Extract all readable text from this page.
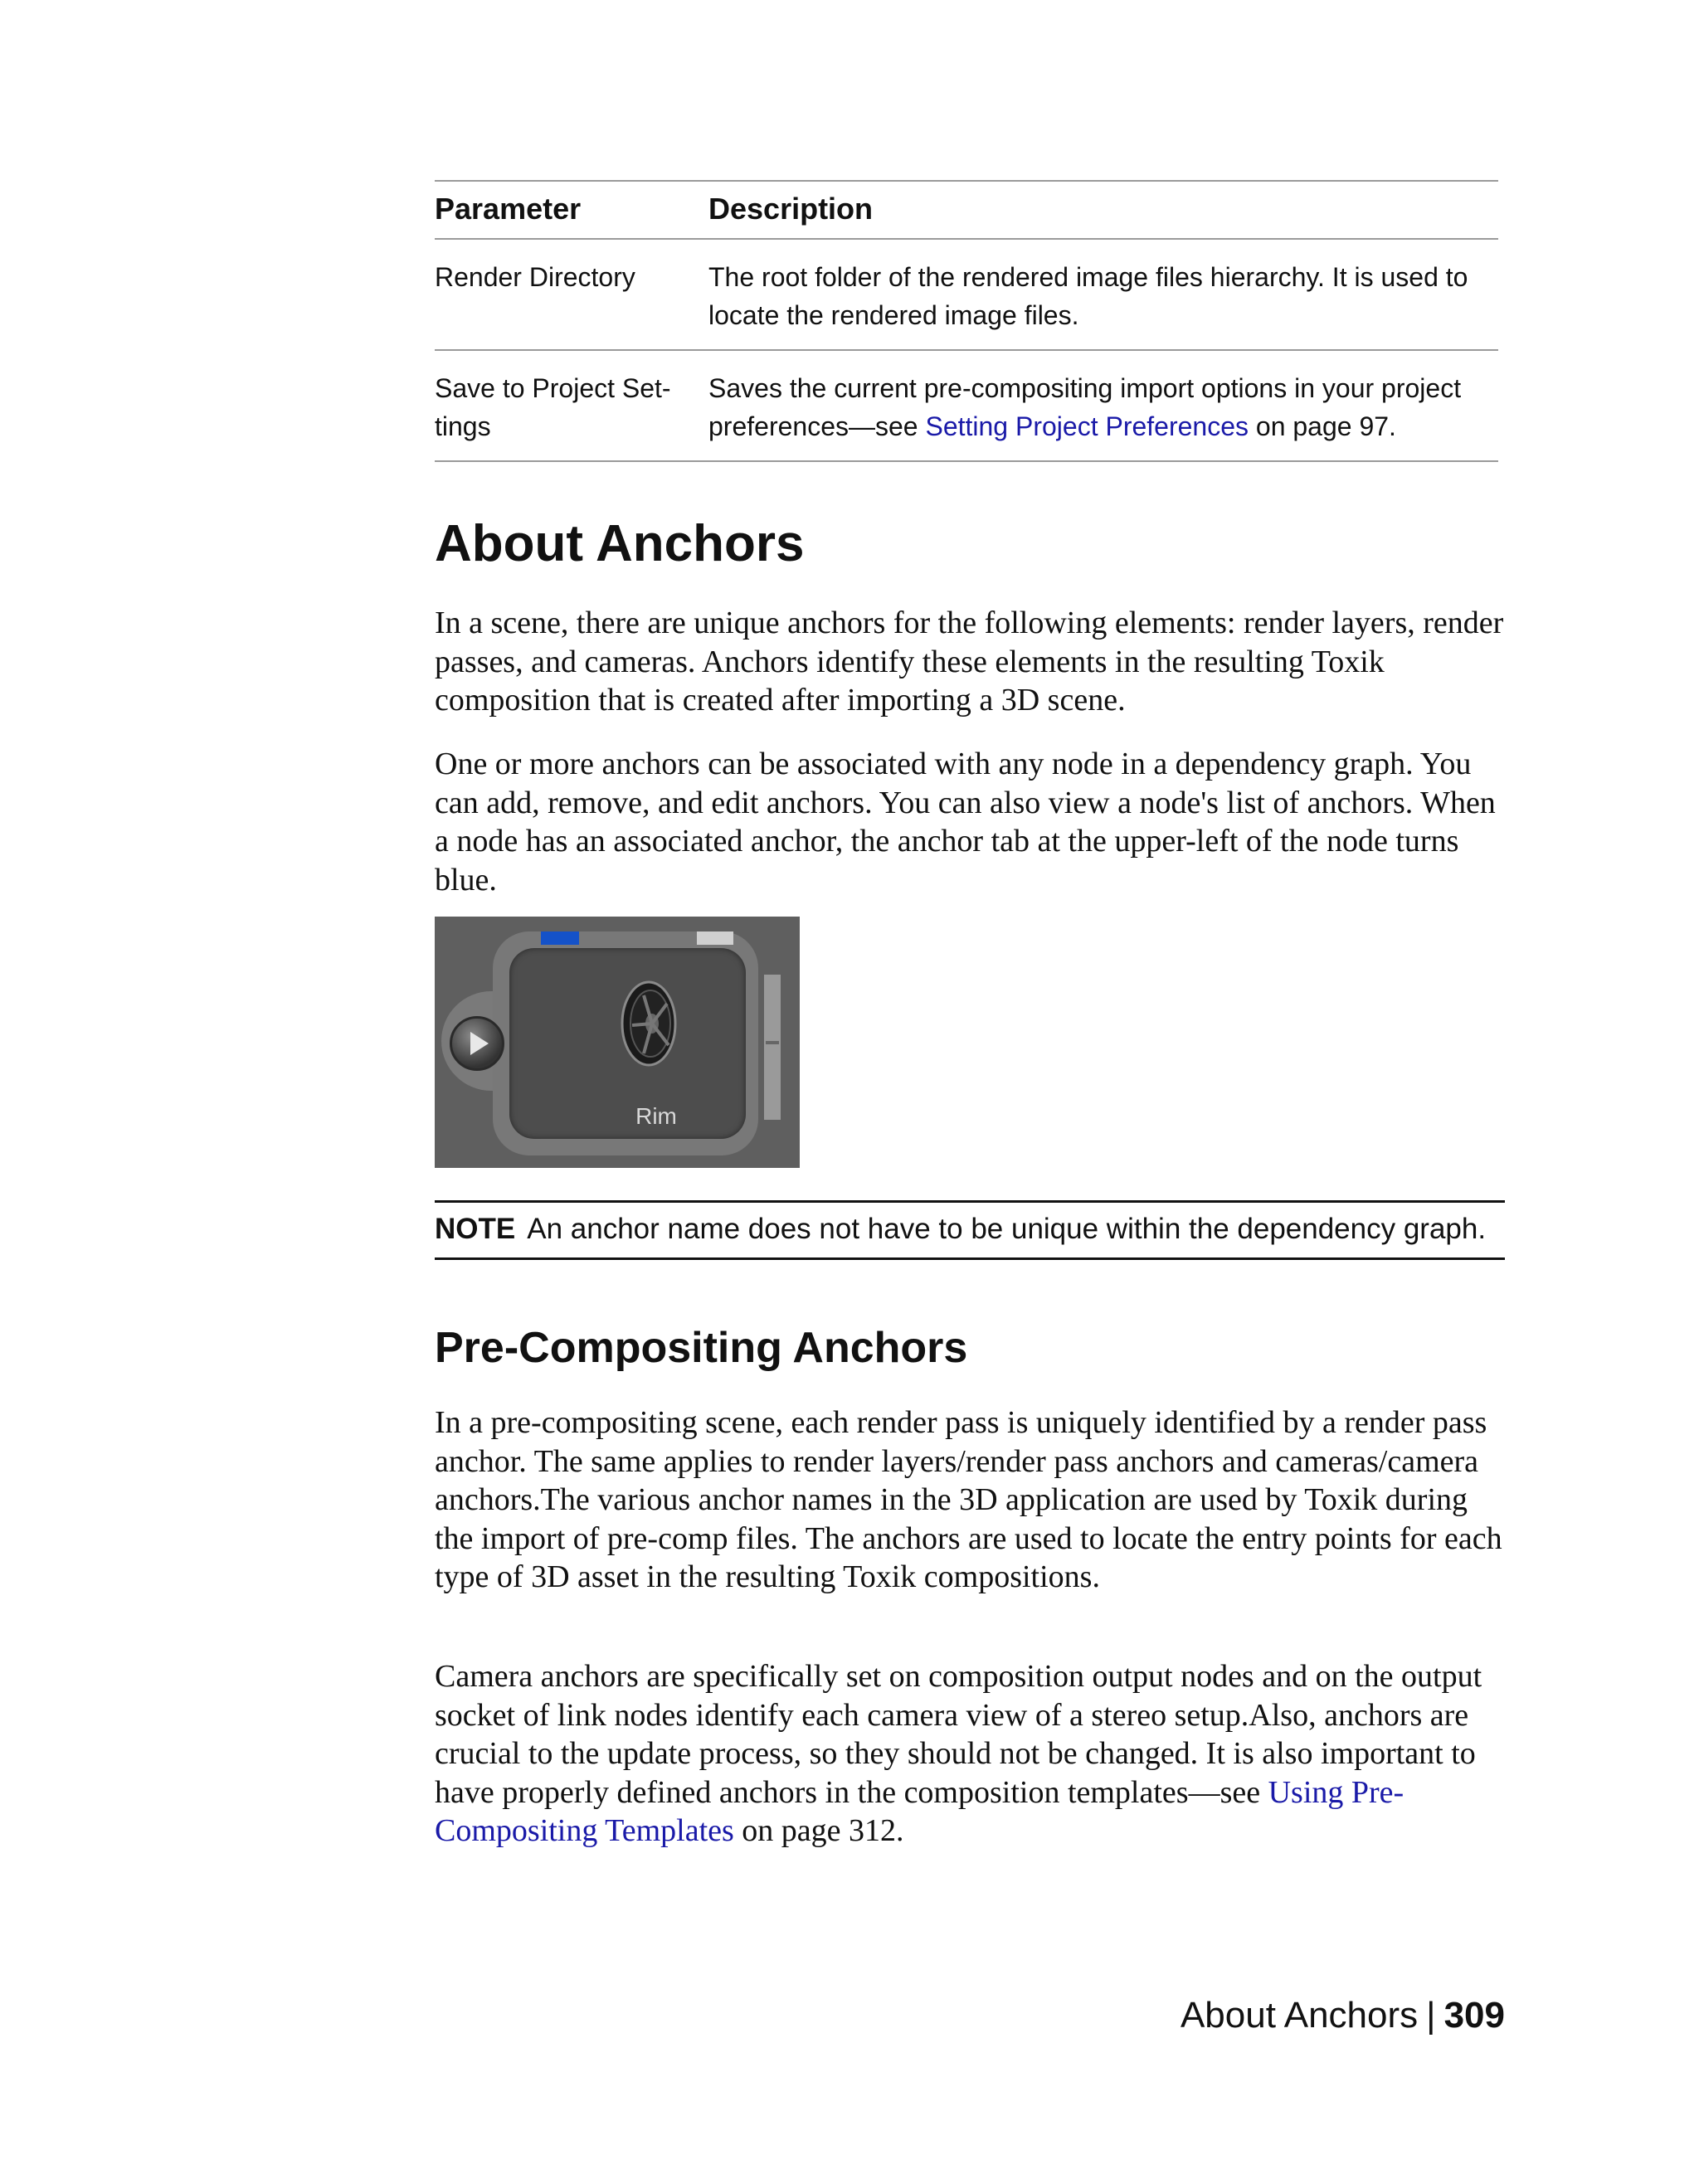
Parameter	Description
Render Directory	The root folder of the rendered image files hierarchy. It is used to locate the rendered image files.
Save to Project Set-
tings	Saves the current pre-compositing import options in your project preferences—see Setting Project Preferences on page 97.
About Anchors

In a scene, there are unique anchors for the following elements: render layers, render passes, and cameras. Anchors identify these elements in the resulting Toxik composition that is created after importing a 3D scene.

One or more anchors can be associated with any node in a dependency graph. You can add, remove, and edit anchors. You can also view a node's list of anchors. When a node has an associated anchor, the anchor tab at the upper-left of the node turns blue.

Rim
NOTE An anchor name does not have to be unique within the dependency graph.
Pre-Compositing Anchors

In a pre-compositing scene, each render pass is uniquely identified by a render pass anchor. The same applies to render layers/render pass anchors and cameras/camera anchors.The various anchor names in the 3D application are used by Toxik during the import of pre-comp files. The anchors are used to locate the entry points for each type of 3D asset in the resulting Toxik compositions.

Camera anchors are specifically set on composition output nodes and on the output socket of link nodes identify each camera view of a stereo setup.Also, anchors are crucial to the update process, so they should not be changed. It is also important to have properly defined anchors in the composition templates—see Using Pre-Compositing Templates on page 312.

About Anchors | 309
